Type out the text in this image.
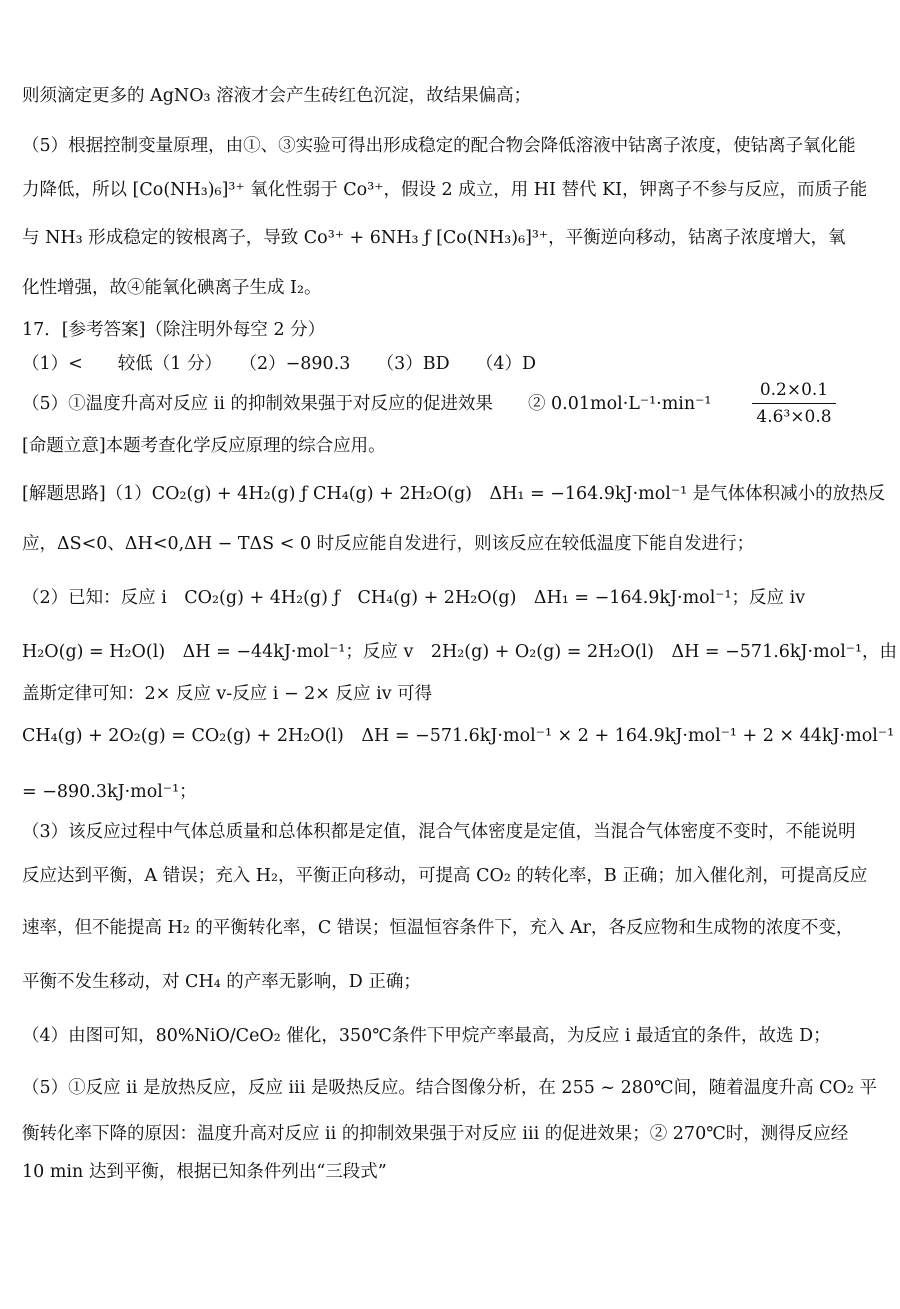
则须滴定更多的 AgNO₃ 溶液才会产生砖红色沉淀，故结果偏高；
（5）根据控制变量原理，由①、③实验可得出形成稳定的配合物会降低溶液中钴离子浓度，使钴离子氧化能
力降低，所以 [Co(NH₃)₆]³⁺ 氧化性弱于 Co³⁺，假设 2 成立，用 HI 替代 KI，钾离子不参与反应，而质子能
与 NH₃ 形成稳定的铵根离子，导致 Co³⁺ + 6NH₃ ƒ [Co(NH₃)₆]³⁺，平衡逆向移动，钴离子浓度增大，氧
化性增强，故④能氧化碘离子生成 I₂。
17．[参考答案]（除注明外每空 2 分）
（1）<　　较低（1 分）　　（2）−890.3　　（3）BD　　（4）D
（5）①温度升高对反应 ii 的抑制效果强于对反应的促进效果　　② 0.01mol·L⁻¹·min⁻¹
0.2×0.1
4.6³×0.8
[命题立意]本题考查化学反应原理的综合应用。
[解题思路]（1）CO₂(g) + 4H₂(g) ƒ CH₄(g) + 2H₂O(g)　ΔH₁ = −164.9kJ·mol⁻¹ 是气体体积减小的放热反
应，ΔS<0、ΔH<0,ΔH − TΔS < 0 时反应能自发进行，则该反应在较低温度下能自发进行；
（2）已知：反应 i　CO₂(g) + 4H₂(g) ƒ　CH₄(g) + 2H₂O(g)　ΔH₁ = −164.9kJ·mol⁻¹；反应 iv
H₂O(g) = H₂O(l)　ΔH = −44kJ·mol⁻¹；反应 v　2H₂(g) + O₂(g) = 2H₂O(l)　ΔH = −571.6kJ·mol⁻¹，由
盖斯定律可知：2× 反应 v-反应 i − 2× 反应 iv 可得
CH₄(g) + 2O₂(g) = CO₂(g) + 2H₂O(l)　ΔH = −571.6kJ·mol⁻¹ × 2 + 164.9kJ·mol⁻¹ + 2 × 44kJ·mol⁻¹
= −890.3kJ·mol⁻¹；
（3）该反应过程中气体总质量和总体积都是定值，混合气体密度是定值，当混合气体密度不变时，不能说明
反应达到平衡，A 错误；充入 H₂，平衡正向移动，可提高 CO₂ 的转化率，B 正确；加入催化剂，可提高反应
速率，但不能提高 H₂ 的平衡转化率，C 错误；恒温恒容条件下，充入 Ar，各反应物和生成物的浓度不变，
平衡不发生移动，对 CH₄ 的产率无影响，D 正确；
（4）由图可知，80%NiO/CeO₂ 催化，350℃条件下甲烷产率最高，为反应 i 最适宜的条件，故选 D；
（5）①反应 ii 是放热反应，反应 iii 是吸热反应。结合图像分析，在 255 ~ 280℃间，随着温度升高 CO₂ 平
衡转化率下降的原因：温度升高对反应 ii 的抑制效果强于对反应 iii 的促进效果；② 270℃时，测得反应经
10 min 达到平衡，根据已知条件列出“三段式”
